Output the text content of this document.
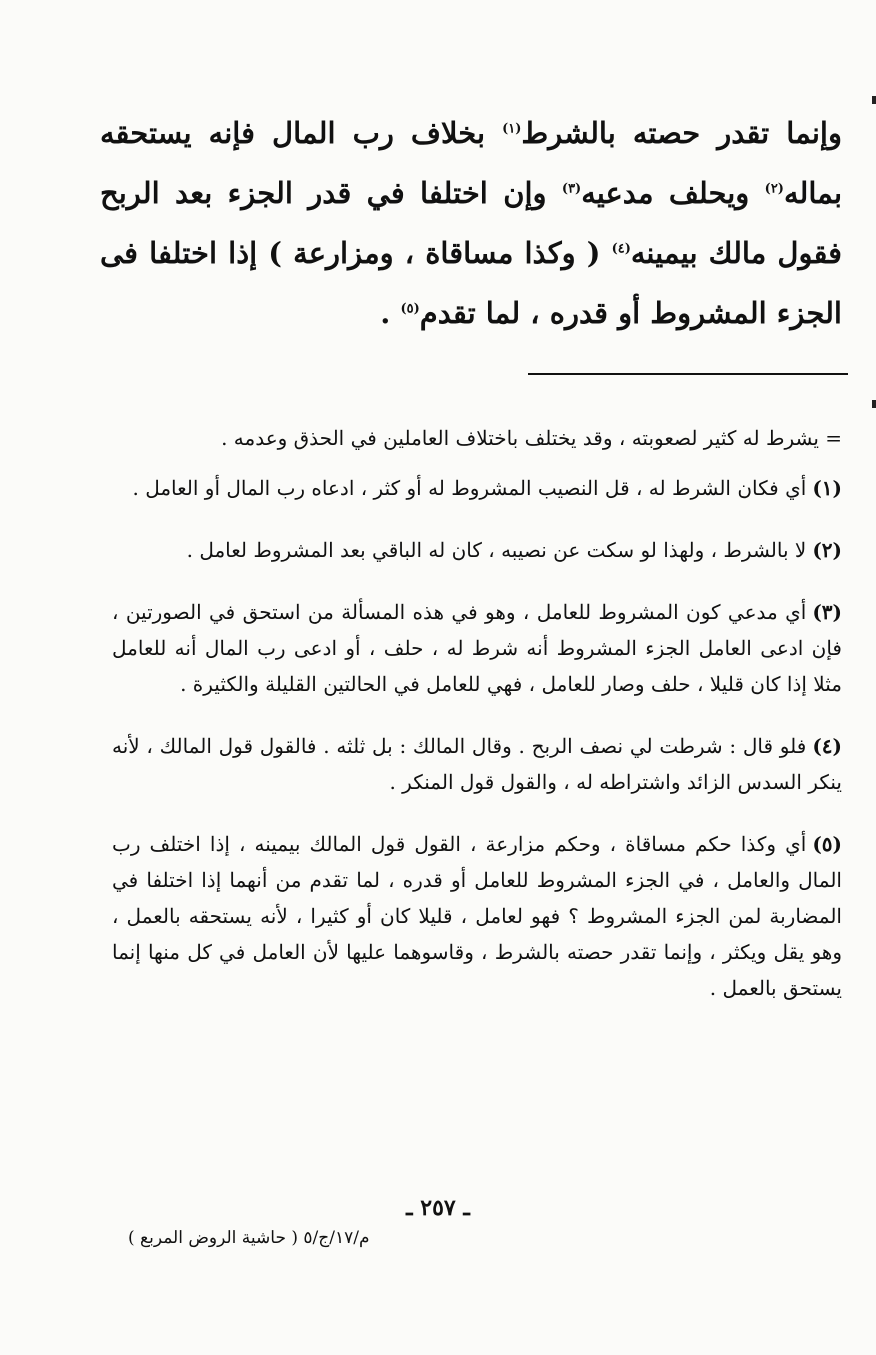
وإنما تقدر حصته بالشرط$^{(١)}$ بخلاف رب المال فإنه يستحقه بماله$^{(٢)}$ ويحلف مدعيه$^{(٣)}$ وإن اختلفا في قدر الجزء بعد الربح فقول مالك بيمينه$^{(٤)}$ ( وكذا مساقاة ، ومزارعة ) إذا اختلفا فى الجزء المشروط أو قدره ، لما تقدم$^{(٥)}$ .

= يشرط له كثير لصعوبته ، وقد يختلف باختلاف العاملين في الحذق وعدمه .

(١)أي فكان الشرط له ، قل النصيب المشروط له أو كثر ، ادعاه رب المال أو العامل .

(٢)لا بالشرط ، ولهذا لو سكت عن نصيبه ، كان له الباقي بعد المشروط لعامل .

(٣)أي مدعي كون المشروط للعامل ، وهو في هذه المسألة من استحق في الصورتين ، فإن ادعى العامل الجزء المشروط أنه شرط له ، حلف ، أو ادعى رب المال أنه للعامل مثلا إذا كان قليلا ، حلف وصار للعامل ، فهي للعامل في الحالتين القليلة والكثيرة .

(٤)فلو قال : شرطت لي نصف الربح . وقال المالك : بل ثلثه . فالقول قول المالك ، لأنه ينكر السدس الزائد واشتراطه له ، والقول قول المنكر .

(٥)أي وكذا حكم مساقاة ، وحكم مزارعة ، القول قول المالك بيمينه ، إذا اختلف رب المال والعامل ، في الجزء المشروط للعامل أو قدره ، لما تقدم من أنهما إذا اختلفا في المضاربة لمن الجزء المشروط ؟ فهو لعامل ، قليلا كان أو كثيرا ، لأنه يستحقه بالعمل ، وهو يقل ويكثر ، وإنما تقدر حصته بالشرط ، وقاسوهما عليها لأن العامل في كل منها إنما يستحق بالعمل .

ـ ٢٥٧ ـ
م/١٧/ج/٥ ( حاشية الروض المربع )
